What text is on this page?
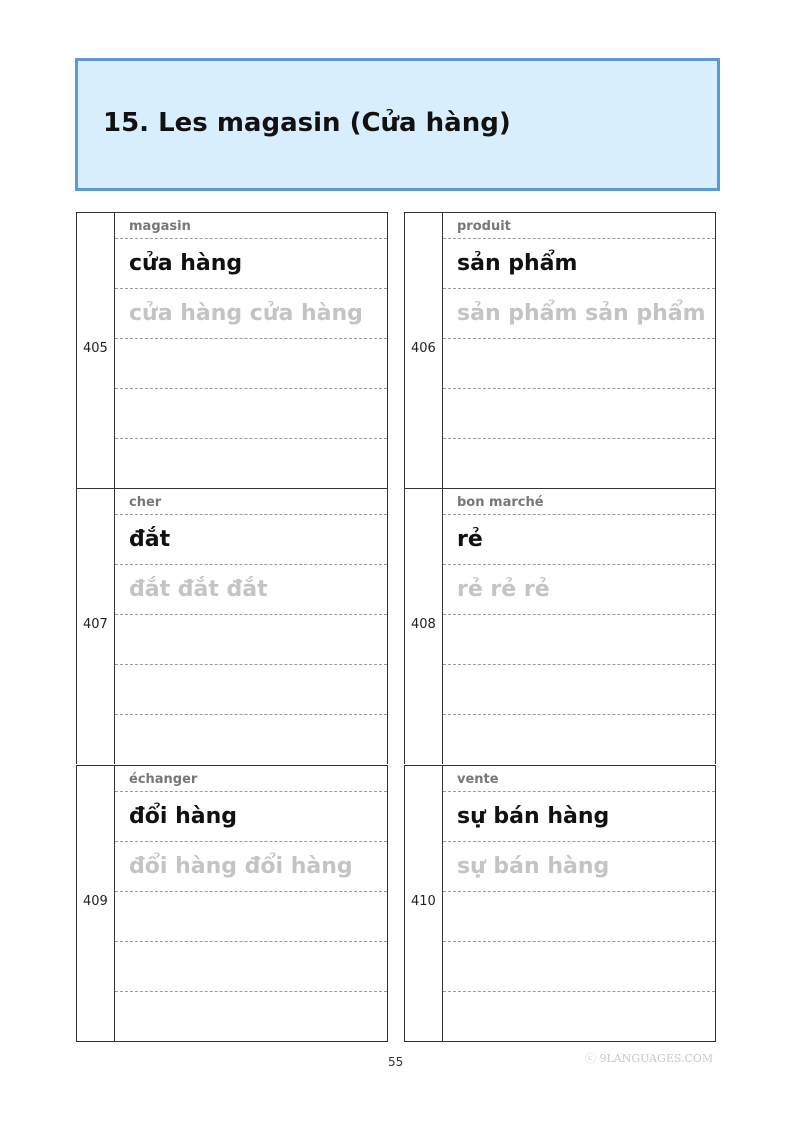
15. Les magasin (Cửa hàng)
405
magasin
cửa hàng
cửa hàng cửa hàng
406
produit
sản phẩm
sản phẩm sản phẩm
407
cher
đắt
đắt đắt đắt
408
bon marché
rẻ
rẻ rẻ rẻ
409
échanger
đổi hàng
đổi hàng đổi hàng
410
vente
sự bán hàng
sự bán hàng
55	ⓒ 9LANGUAGES.COM
